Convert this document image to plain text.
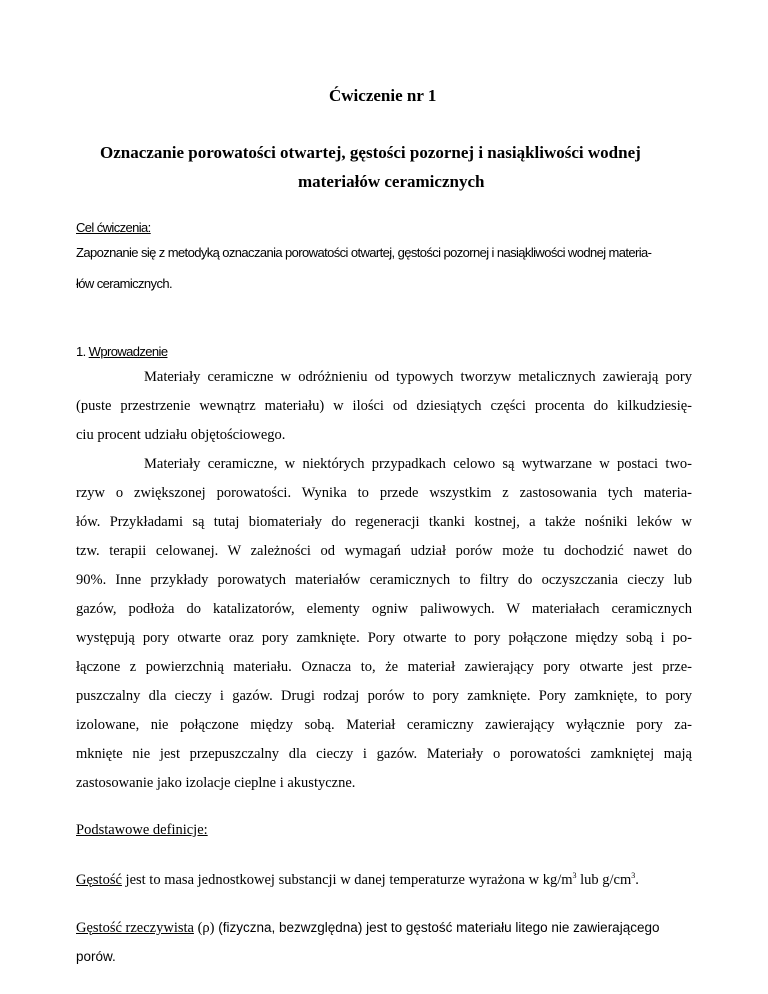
Ćwiczenie nr 1
Oznaczanie porowatości otwartej, gęstości pozornej i nasiąkliwości wodnej
materiałów ceramicznych
Cel ćwiczenia:
Zapoznanie się z metodyką oznaczania porowatości otwartej, gęstości pozornej i nasiąkliwości wodnej materia-
łów ceramicznych.
1. Wprowadzenie
Materiały ceramiczne w odróżnieniu od typowych tworzyw metalicznych zawierają pory
(puste przestrzenie wewnątrz materiału) w ilości od dziesiątych części procenta do kilkudziesię-
ciu procent udziału objętościowego.
Materiały ceramiczne, w niektórych przypadkach celowo są wytwarzane w postaci two-
rzyw o zwiększonej porowatości. Wynika to przede wszystkim z zastosowania tych materia-
łów. Przykładami są tutaj biomateriały do regeneracji tkanki kostnej, a także nośniki leków w
tzw. terapii celowanej. W zależności od wymagań udział porów może tu dochodzić nawet do
90%. Inne przykłady porowatych materiałów ceramicznych to filtry do oczyszczania cieczy lub
gazów, podłoża do katalizatorów, elementy ogniw paliwowych. W materiałach ceramicznych
występują pory otwarte oraz pory zamknięte. Pory otwarte to pory połączone między sobą i po-
łączone z powierzchnią materiału. Oznacza to, że materiał zawierający pory otwarte jest prze-
puszczalny dla cieczy i gazów. Drugi rodzaj porów to pory zamknięte. Pory zamknięte, to pory
izolowane, nie połączone między sobą. Materiał ceramiczny zawierający wyłącznie pory za-
mknięte nie jest przepuszczalny dla cieczy i gazów. Materiały o porowatości zamkniętej mają
zastosowanie jako izolacje cieplne i akustyczne.
Podstawowe definicje:
Gęstość jest to masa jednostkowej substancji w danej temperaturze wyrażona w $kg/m^3$ lub $g/cm^3$.
Gęstość rzeczywista (ρ) (fizyczna, bezwzględna) jest to gęstość materiału litego nie zawierającego
porów.
